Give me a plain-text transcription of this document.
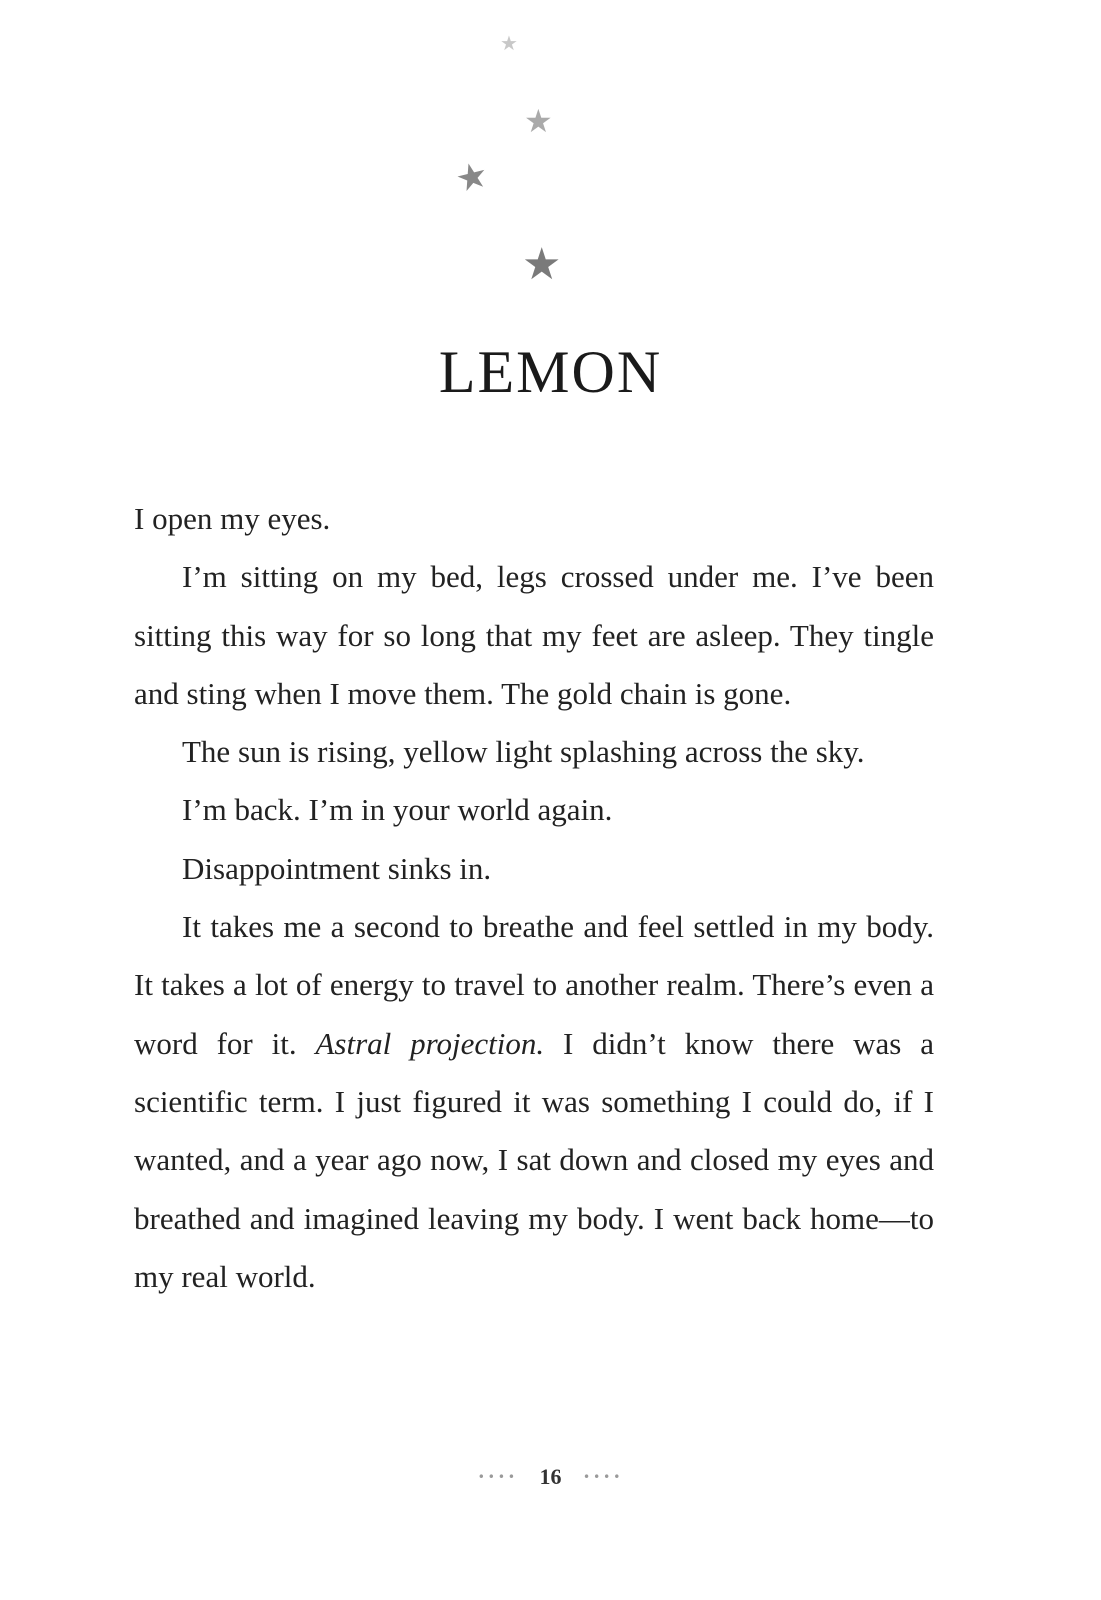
★
★
★
★
LEMON

I open my eyes.

I’m sitting on my bed, legs crossed under me. I’ve been sitting this way for so long that my feet are asleep. They tingle and sting when I move them. The gold chain is gone.

The sun is rising, yellow light splashing across the sky.

I’m back. I’m in your world again.

Disappointment sinks in.

It takes me a second to breathe and feel settled in my body. It takes a lot of energy to travel to another realm. There’s even a word for it. Astral projection. I didn’t know there was a scientific term. I just figured it was something I could do, if I wanted, and a year ago now, I sat down and closed my eyes and breathed and imagined leaving my body. I went back home—to my real world.

•••• 16 ••••
